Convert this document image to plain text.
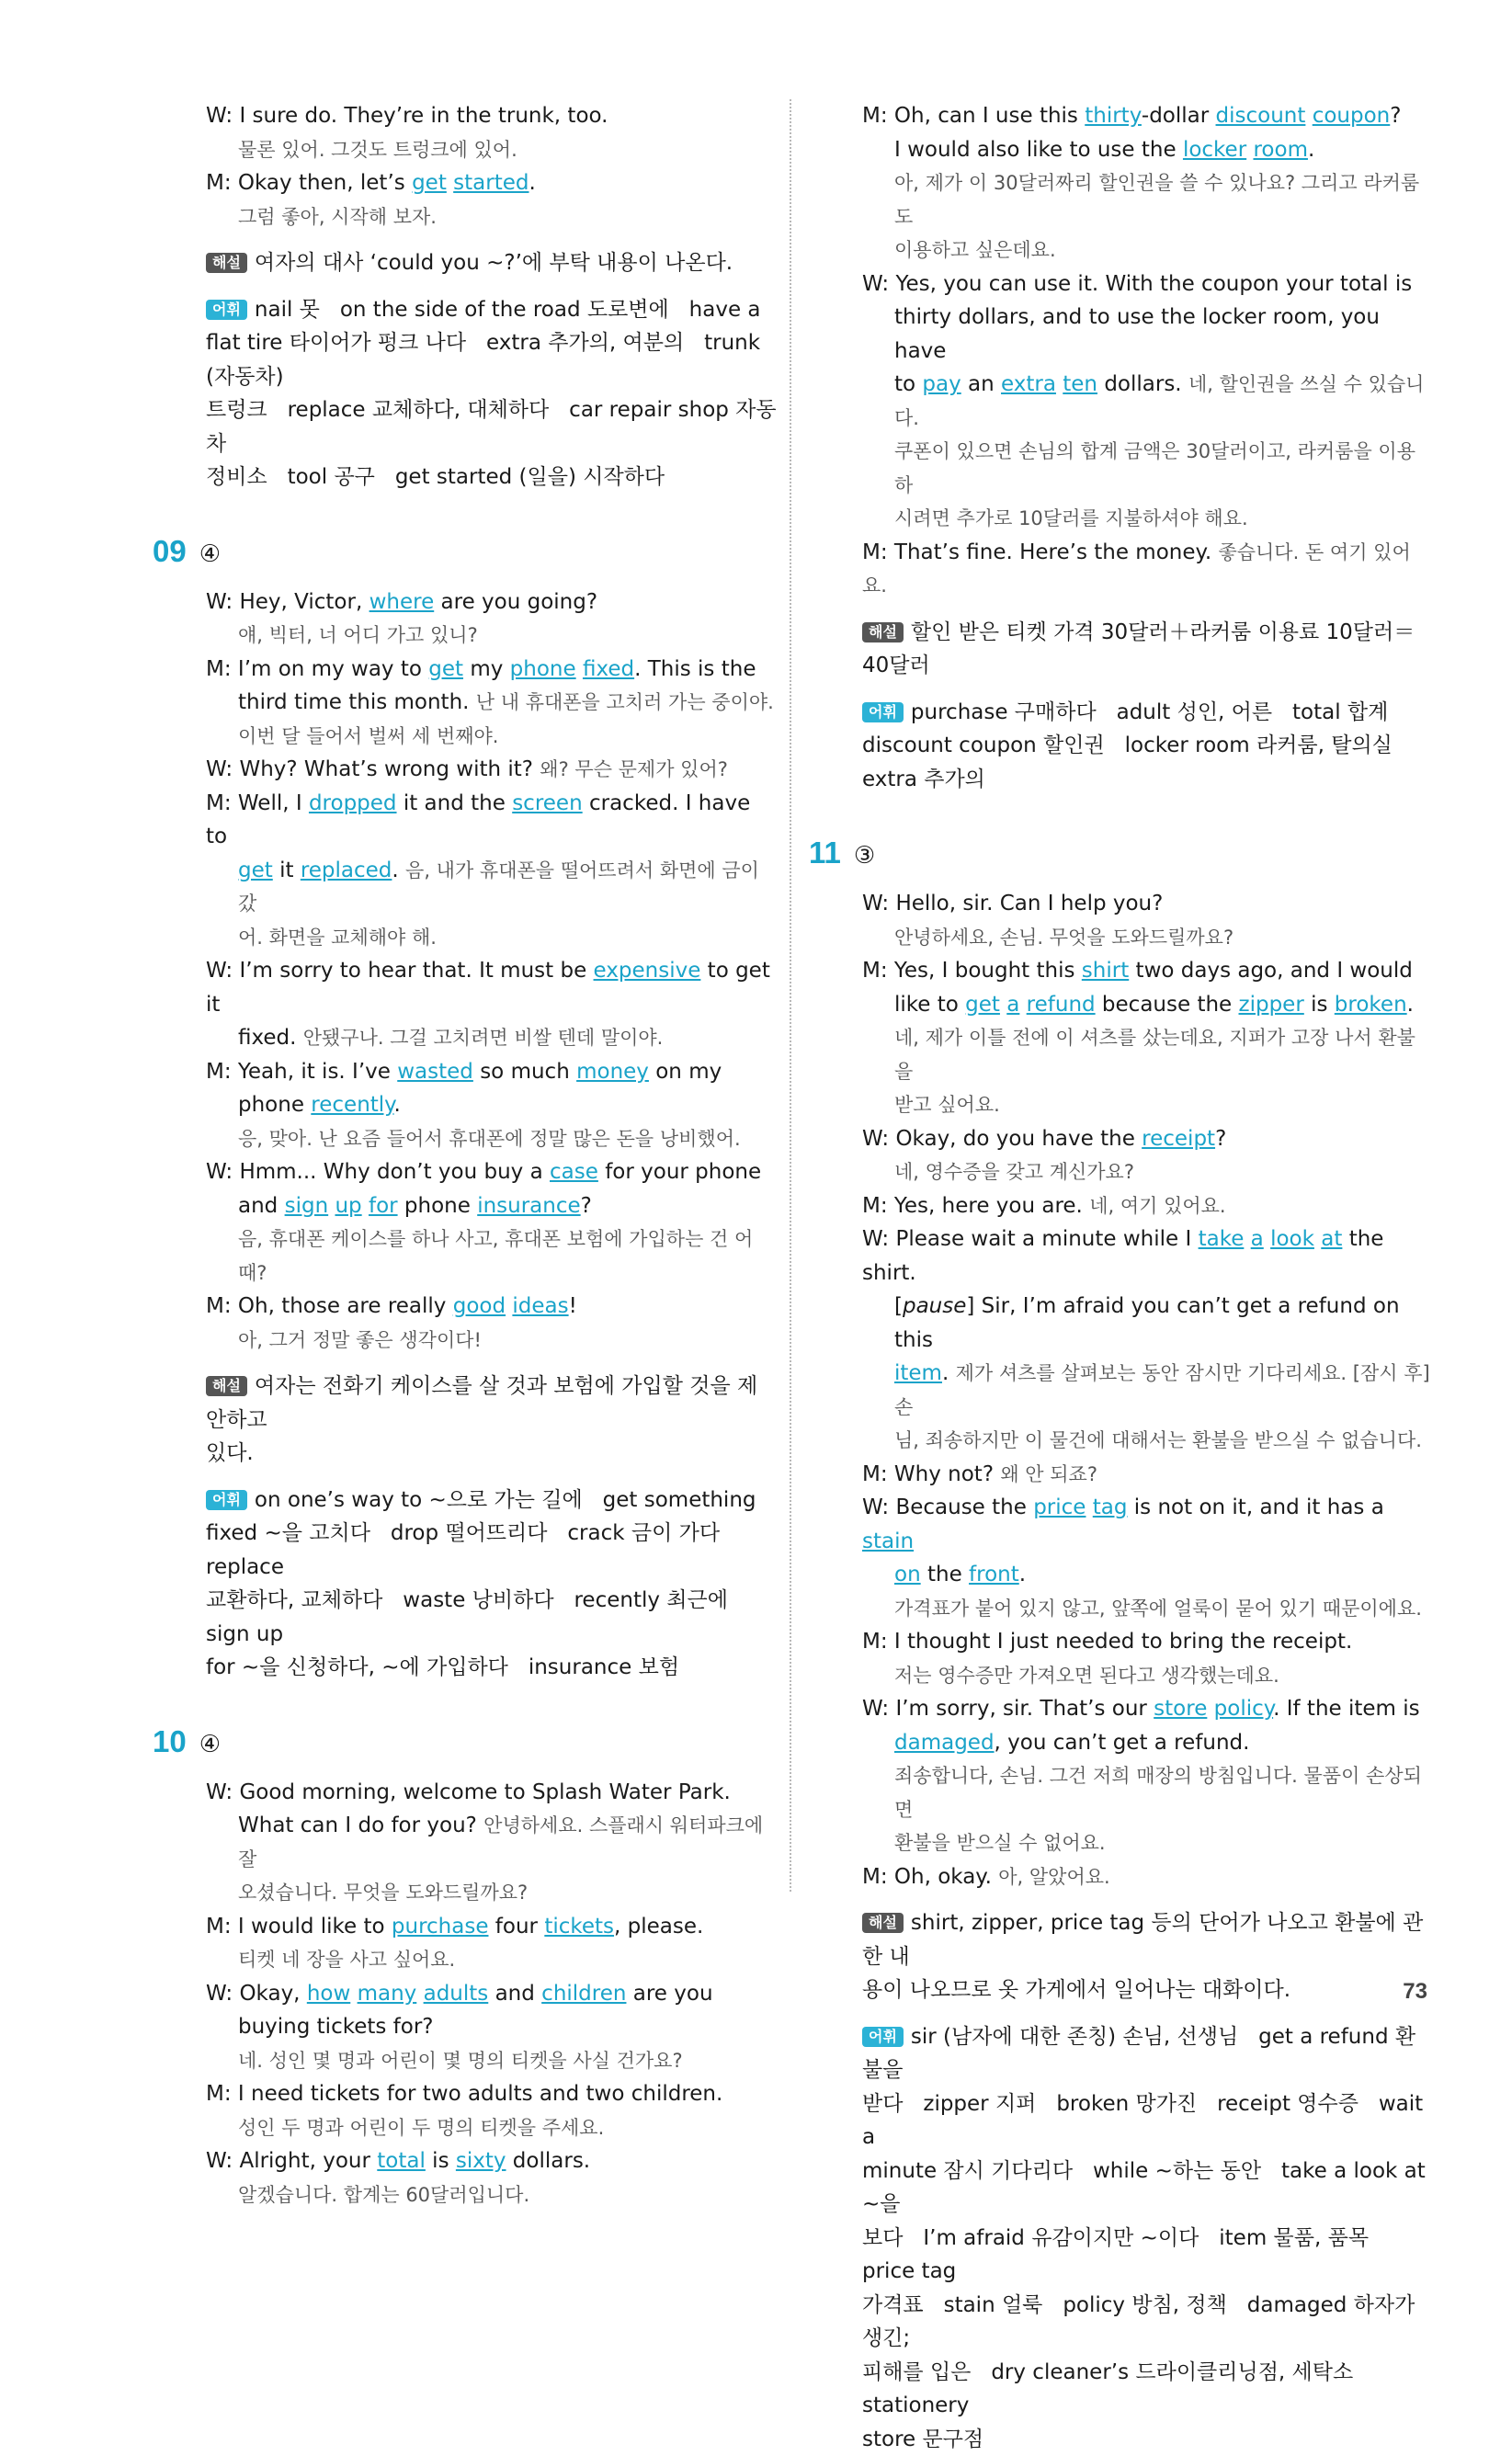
W: I sure do. They’re in the trunk, too.

물론 있어. 그것도 트렁크에 있어.

M: Okay then, let’s get started.

그럼 좋아, 시작해 보자.

해설 여자의 대사 ‘could you ~?’에 부탁 내용이 나온다.

어휘 nail 못   on the side of the road 도로변에   have a

flat tire 타이어가 펑크 나다   extra 추가의, 여분의   trunk (자동차)

트렁크   replace 교체하다, 대체하다   car repair shop 자동차

정비소   tool 공구   get started (일을) 시작하다

09 ④

W: Hey, Victor, where are you going?

얘, 빅터, 너 어디 가고 있니?

M: I’m on my way to get my phone fixed. This is the

third time this month. 난 내 휴대폰을 고치러 가는 중이야.

이번 달 들어서 벌써 세 번째야.

W: Why? What’s wrong with it? 왜? 무슨 문제가 있어?

M: Well, I dropped it and the screen cracked. I have to

get it replaced. 음, 내가 휴대폰을 떨어뜨려서 화면에 금이 갔

어. 화면을 교체해야 해.

W: I’m sorry to hear that. It must be expensive to get it

fixed. 안됐구나. 그걸 고치려면 비쌀 텐데 말이야.

M: Yeah, it is. I’ve wasted so much money on my

phone recently.

응, 맞아. 난 요즘 들어서 휴대폰에 정말 많은 돈을 낭비했어.

W: Hmm... Why don’t you buy a case for your phone

and sign up for phone insurance?

음, 휴대폰 케이스를 하나 사고, 휴대폰 보험에 가입하는 건 어때?

M: Oh, those are really good ideas!

아, 그거 정말 좋은 생각이다!

해설 여자는 전화기 케이스를 살 것과 보험에 가입할 것을 제안하고

있다.

어휘 on one’s way to ~으로 가는 길에   get something

fixed ~을 고치다   drop 떨어뜨리다   crack 금이 가다   replace

교환하다, 교체하다   waste 낭비하다   recently 최근에   sign up

for ~을 신청하다, ~에 가입하다   insurance 보험

10 ④

W: Good morning, welcome to Splash Water Park.

What can I do for you? 안녕하세요. 스플래시 워터파크에 잘

오셨습니다. 무엇을 도와드릴까요?

M: I would like to purchase four tickets, please.

티켓 네 장을 사고 싶어요.

W: Okay, how many adults and children are you

buying tickets for?

네. 성인 몇 명과 어린이 몇 명의 티켓을 사실 건가요?

M: I need tickets for two adults and two children.

성인 두 명과 어린이 두 명의 티켓을 주세요.

W: Alright, your total is sixty dollars.

알겠습니다. 합계는 60달러입니다.

M: Oh, can I use this thirty-dollar discount coupon?

I would also like to use the locker room.

아, 제가 이 30달러짜리 할인권을 쓸 수 있나요? 그리고 라커룸도

이용하고 싶은데요.

W: Yes, you can use it. With the coupon your total is

thirty dollars, and to use the locker room, you have

to pay an extra ten dollars. 네, 할인권을 쓰실 수 있습니다.

쿠폰이 있으면 손님의 합계 금액은 30달러이고, 라커룸을 이용하

시려면 추가로 10달러를 지불하셔야 해요.

M: That’s fine. Here’s the money. 좋습니다. 돈 여기 있어요.

해설 할인 받은 티켓 가격 30달러＋라커룸 이용료 10달러＝40달러

어휘 purchase 구매하다   adult 성인, 어른   total 합계

discount coupon 할인권   locker room 라커룸, 탈의실

extra 추가의

11 ③

W: Hello, sir. Can I help you?

안녕하세요, 손님. 무엇을 도와드릴까요?

M: Yes, I bought this shirt two days ago, and I would

like to get a refund because the zipper is broken.

네, 제가 이틀 전에 이 셔츠를 샀는데요, 지퍼가 고장 나서 환불을

받고 싶어요.

W: Okay, do you have the receipt?

네, 영수증을 갖고 계신가요?

M: Yes, here you are. 네, 여기 있어요.

W: Please wait a minute while I take a look at the shirt.

[pause] Sir, I’m afraid you can’t get a refund on this

item. 제가 셔츠를 살펴보는 동안 잠시만 기다리세요. [잠시 후] 손

님, 죄송하지만 이 물건에 대해서는 환불을 받으실 수 없습니다.

M: Why not? 왜 안 되죠?

W: Because the price tag is not on it, and it has a stain

on the front.

가격표가 붙어 있지 않고, 앞쪽에 얼룩이 묻어 있기 때문이에요.

M: I thought I just needed to bring the receipt.

저는 영수증만 가져오면 된다고 생각했는데요.

W: I’m sorry, sir. That’s our store policy. If the item is

damaged, you can’t get a refund.

죄송합니다, 손님. 그건 저희 매장의 방침입니다. 물품이 손상되면

환불을 받으실 수 없어요.

M: Oh, okay. 아, 알았어요.

해설 shirt, zipper, price tag 등의 단어가 나오고 환불에 관한 내

용이 나오므로 옷 가게에서 일어나는 대화이다.

어휘 sir (남자에 대한 존칭) 손님, 선생님   get a refund 환불을

받다   zipper 지퍼   broken 망가진   receipt 영수증   wait a

minute 잠시 기다리다   while ~하는 동안   take a look at ~을

보다   I’m afraid 유감이지만 ~이다   item 물품, 품목   price tag

가격표   stain 얼룩   policy 방침, 정책   damaged 하자가 생긴;

피해를 입은   dry cleaner’s 드라이클리닝점, 세탁소   stationery

store 문구점

73
